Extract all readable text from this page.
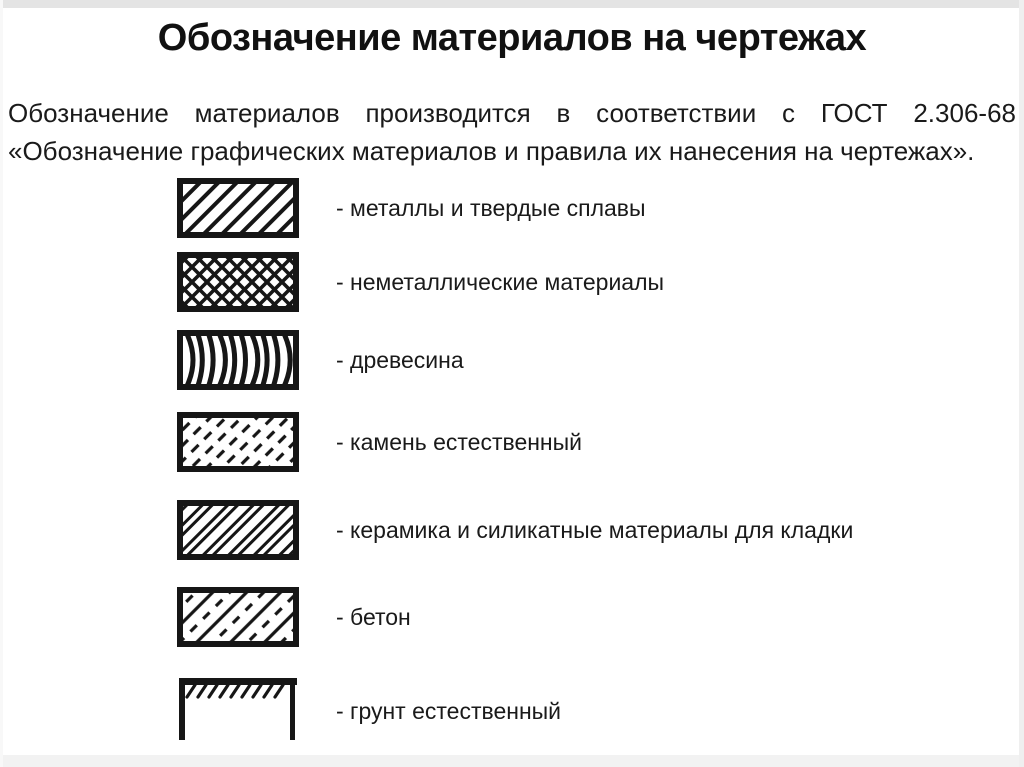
Обозначение материалов на чертежах

Обозначение материалов производится в соответствии с ГОСТ 2.306-68

«Обозначение графических материалов и правила их нанесения на чертежах».

- металлы и твердые сплавы
- неметаллические материалы
- древесина
- камень естественный
- керамика и силикатные материалы для кладки
- бетон
- грунт естественный
